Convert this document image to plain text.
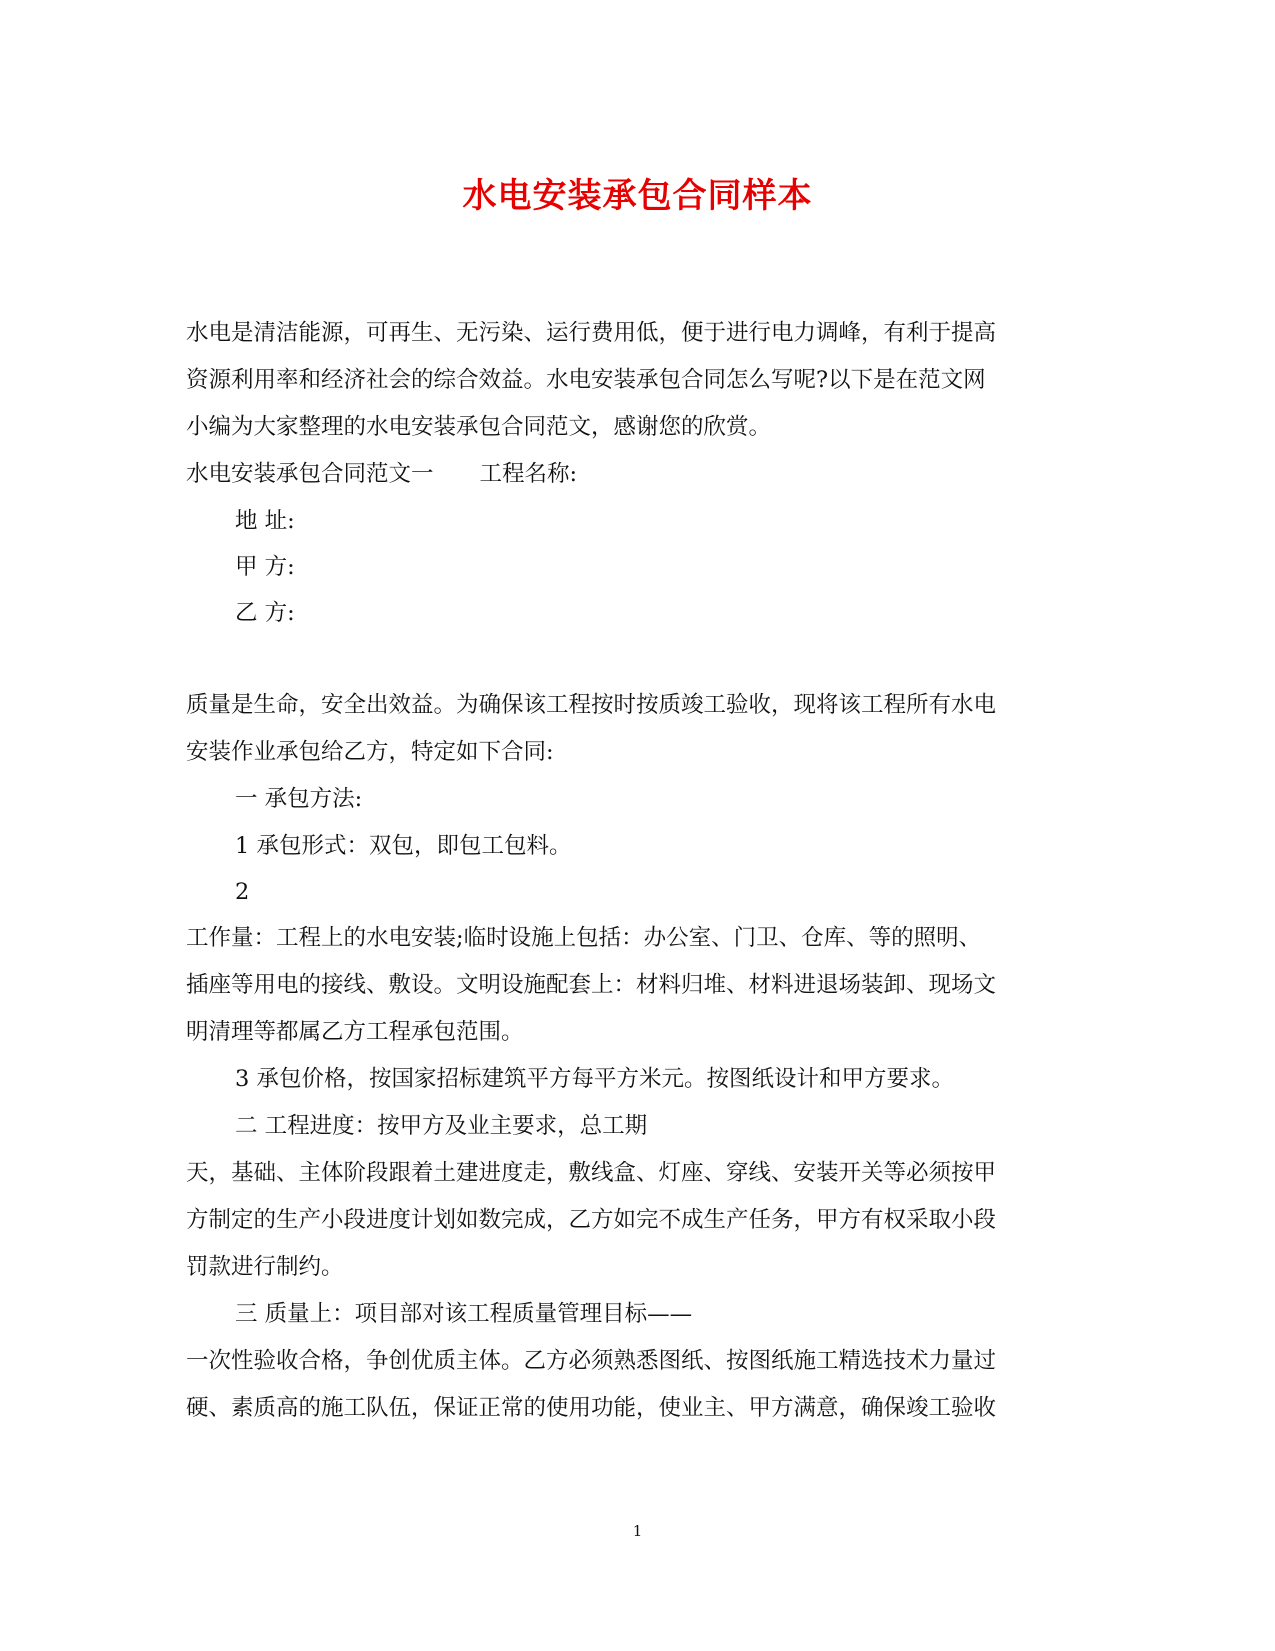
水电安装承包合同样本
水电是清洁能源，可再生、无污染、运行费用低，便于进行电力调峰，有利于提高
资源利用率和经济社会的综合效益。水电安装承包合同怎么写呢?以下是在范文网
小编为大家整理的水电安装承包合同范文，感谢您的欣赏。
水电安装承包合同范文一 工程名称:
地 址:
甲 方:
乙 方:
质量是生命，安全出效益。为确保该工程按时按质竣工验收，现将该工程所有水电
安装作业承包给乙方，特定如下合同:
一 承包方法:
1 承包形式：双包，即包工包料。
2
工作量：工程上的水电安装;临时设施上包括：办公室、门卫、仓库、等的照明、
插座等用电的接线、敷设。文明设施配套上：材料归堆、材料进退场装卸、现场文
明清理等都属乙方工程承包范围。
3 承包价格，按国家招标建筑平方每平方米元。按图纸设计和甲方要求。
二 工程进度：按甲方及业主要求，总工期
天，基础、主体阶段跟着土建进度走，敷线盒、灯座、穿线、安装开关等必须按甲
方制定的生产小段进度计划如数完成，乙方如完不成生产任务，甲方有权采取小段
罚款进行制约。
三 质量上：项目部对该工程质量管理目标——
一次性验收合格，争创优质主体。乙方必须熟悉图纸、按图纸施工精选技术力量过
硬、素质高的施工队伍，保证正常的使用功能，使业主、甲方满意，确保竣工验收
1
